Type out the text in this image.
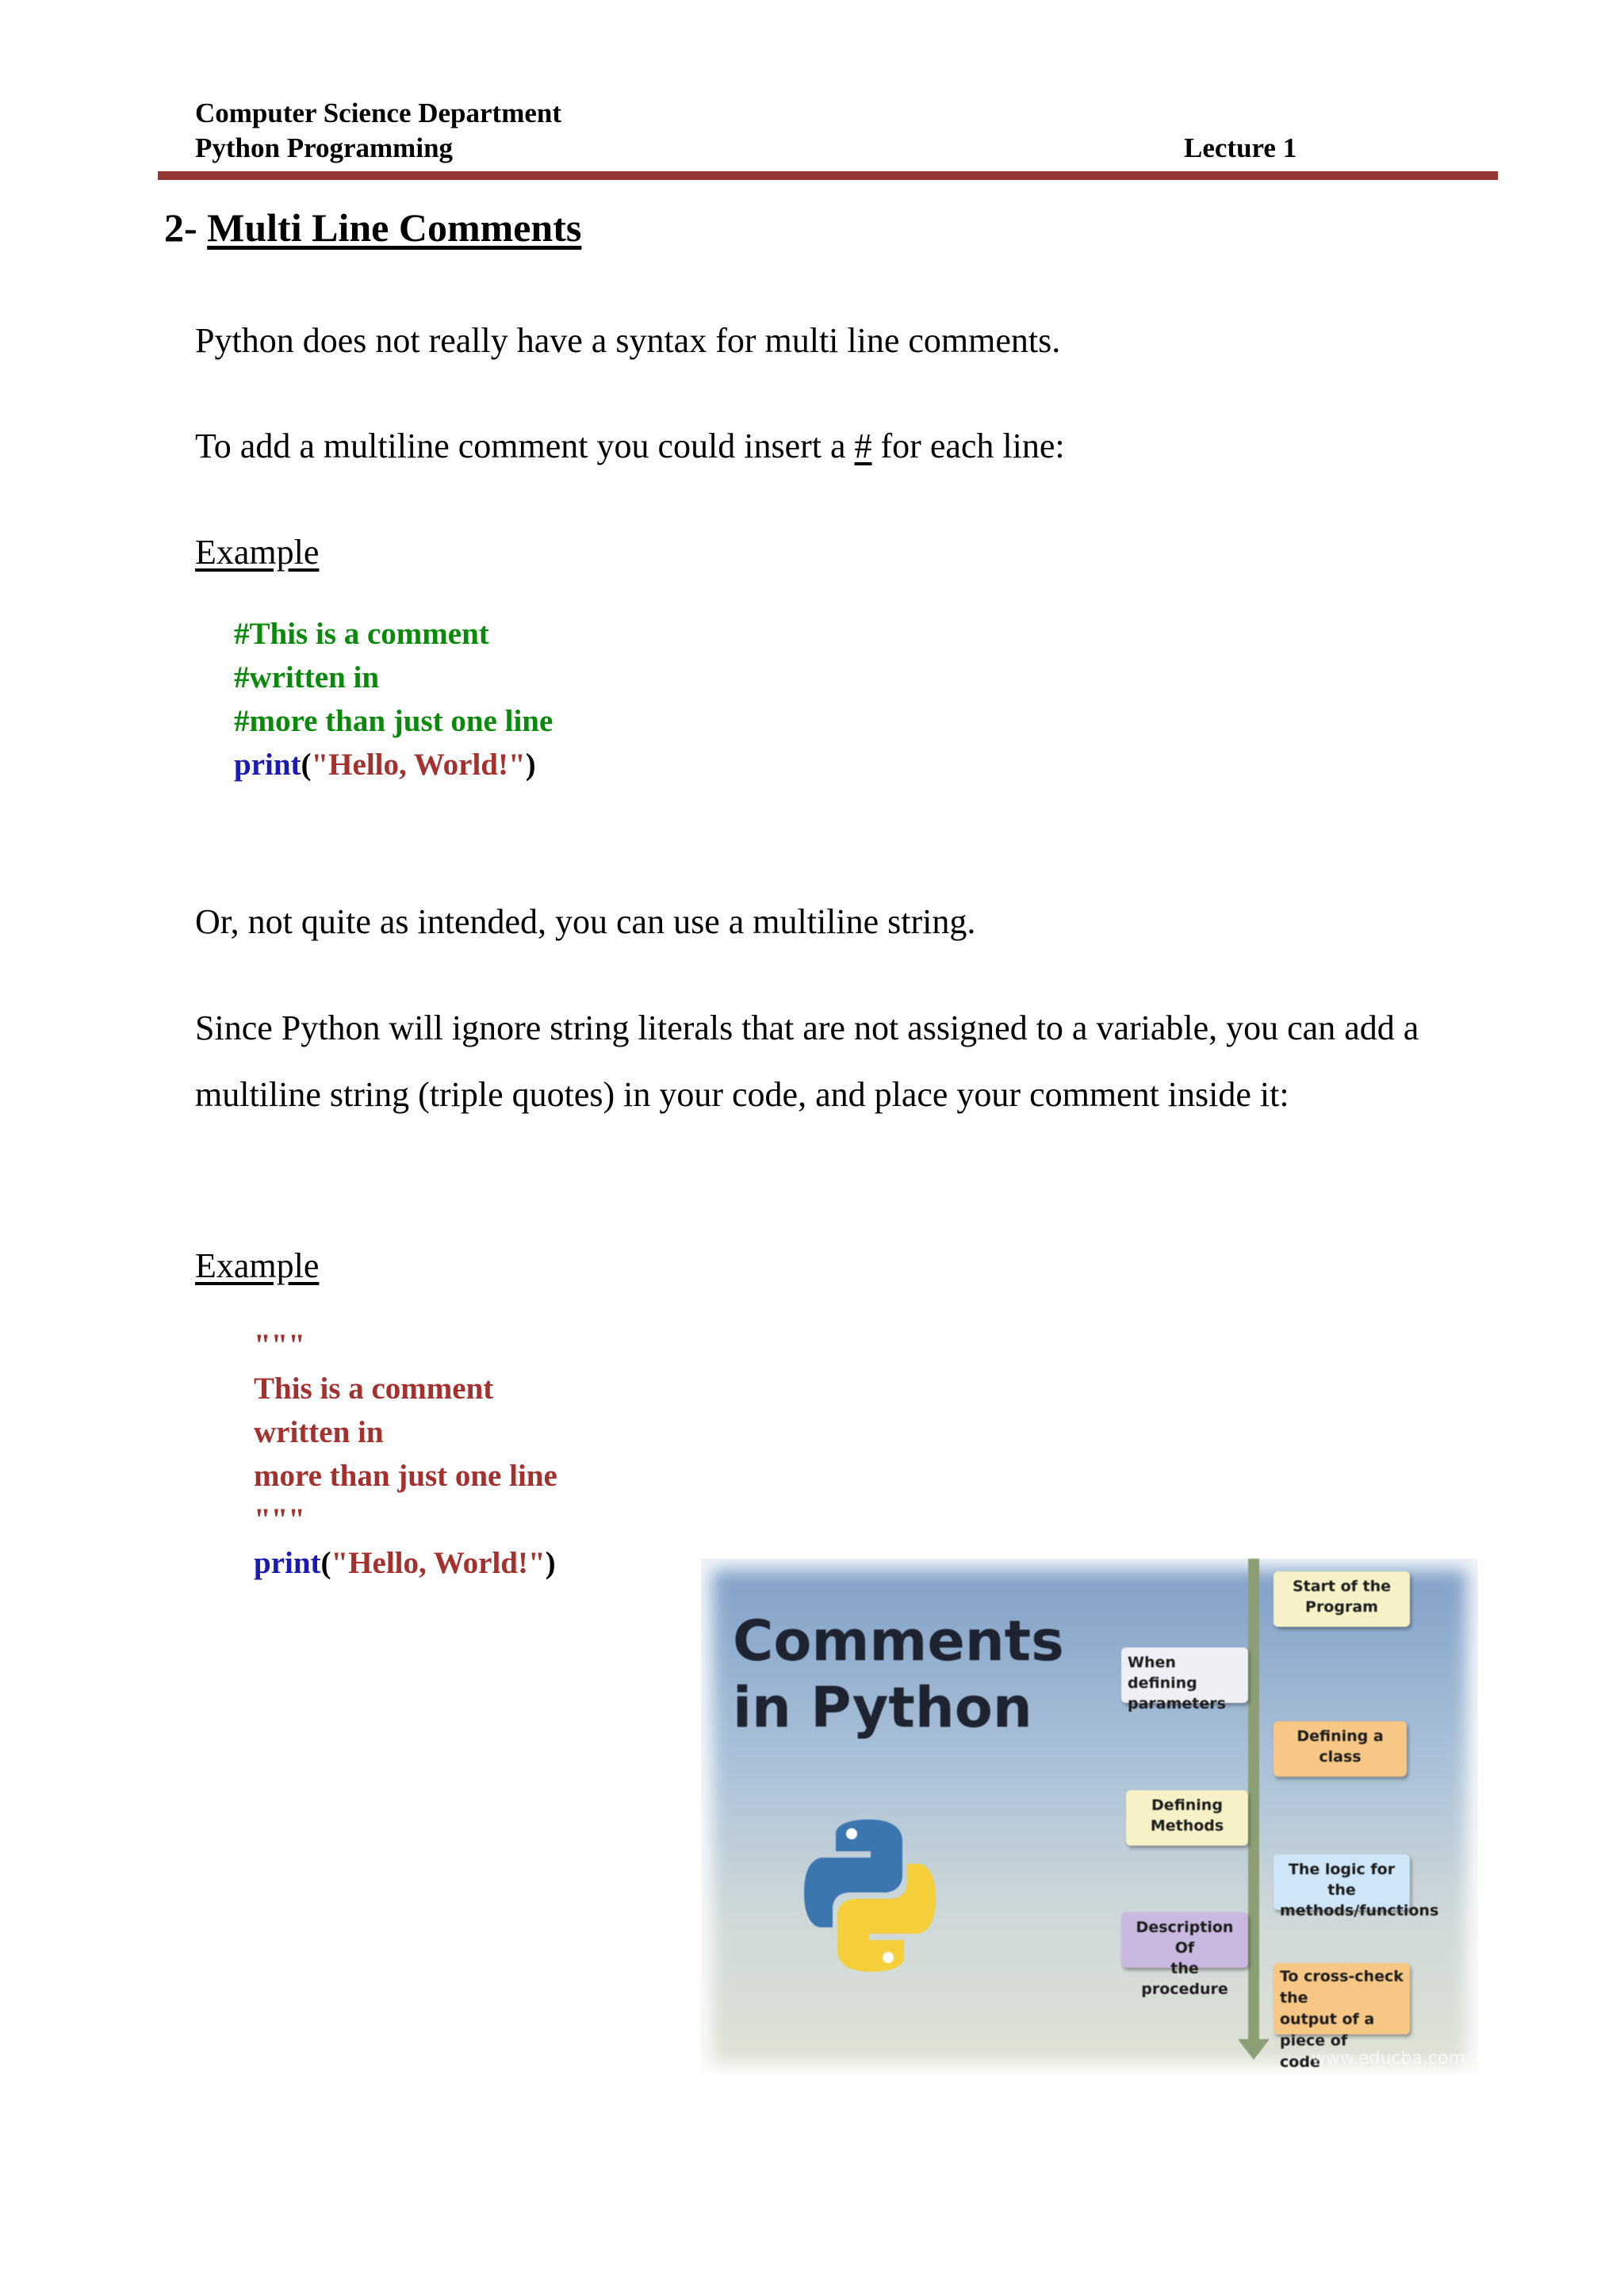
Computer Science Department
Python Programming	Lecture 1
2- Multi Line Comments
Python does not really have a syntax for multi line comments.
To add a multiline comment you could insert a # for each line:
Example
#This is a comment
#written in
#more than just one line
print("Hello, World!")
Or, not quite as intended, you can use a multiline string.
Since Python will ignore string literals that are not assigned to a variable, you can add a multiline string (triple quotes) in your code, and place your comment inside it:
Example
"""
This is a comment
written in
more than just one line
"""
print("Hello, World!")
Comments
in Python
Start of the
Program
When defining
parameters
Defining a
class
Defining
Methods
The logic for the
methods/functions
Description Of
the procedure
To cross-check the
output of a piece of
code
www.educba.com
